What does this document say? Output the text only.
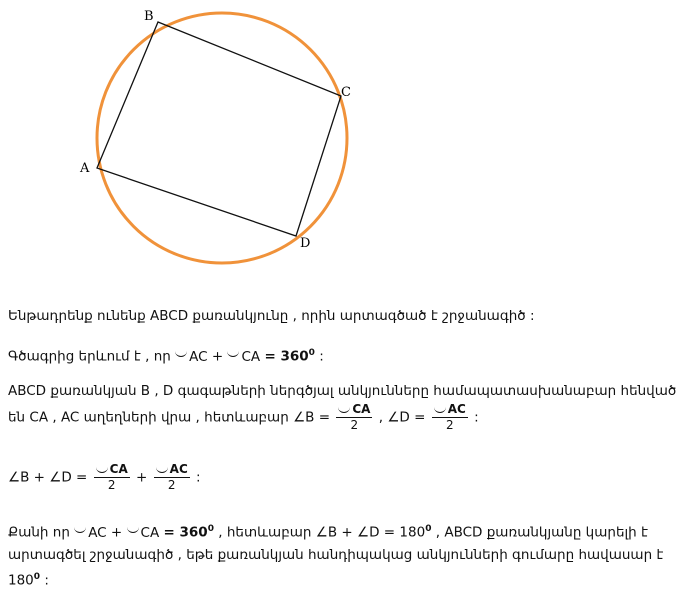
A
B
C
D

Ենթադրենք ունենք ABCD քառանկյունը , որին արտագծած է շրջանագիծ :

Գծագրից երևում է , որ AC + CA = $360^0$ :

ABCD քառանկյան B , D գագաթների ներգծյալ անկյունները համապատասխանաբար հենված են CA , AC աղեղների վրա , հետևաբար ∠B = $\frac{CA}{2}$ , ∠D = $\frac{AC}{2}$ :

∠B + ∠D = $\frac{CA}{2} + \frac{AC}{2}$ :

Քանի որ AC + CA = $360^0$ , հետևաբար ∠B + ∠D = $180^0$ , ABCD քառանկյանը կարելի է արտագծել շրջանագիծ , եթե քառանկյան հանդիպակաց անկյունների գումարը հավասար է $180^0$ :
